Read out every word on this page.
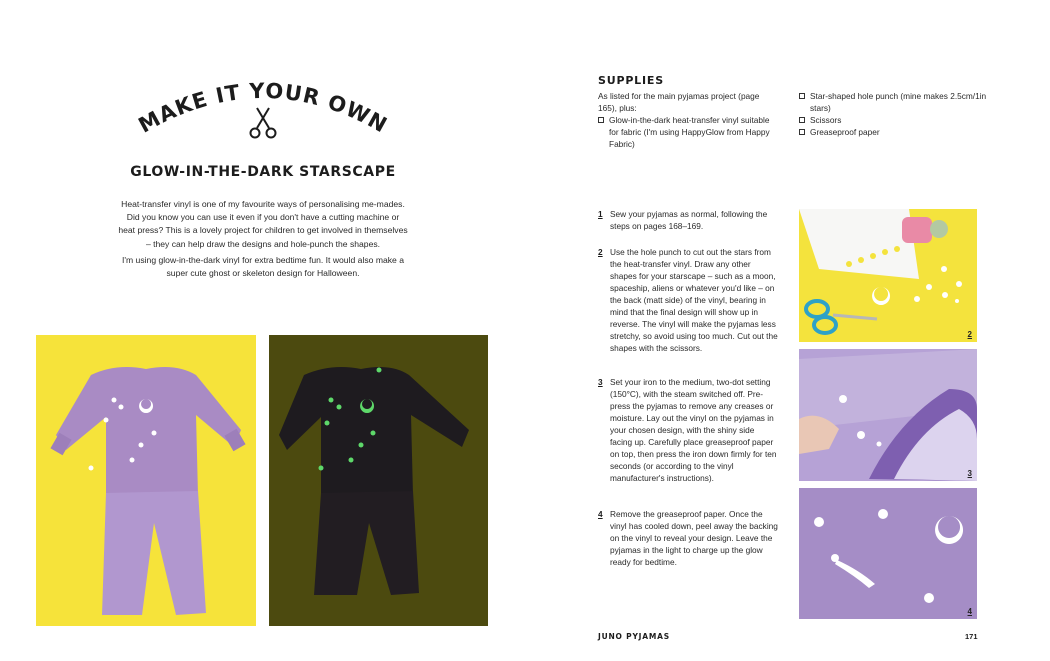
MAKE IT YOUR OWN
GLOW-IN-THE-DARK STARSCAPE

Heat-transfer vinyl is one of my favourite ways of personalising me-mades. Did you know you can use it even if you don't have a cutting machine or heat press? This is a lovely project for children to get involved in themselves – they can help draw the designs and hole-punch the shapes.

I'm using glow-in-the-dark vinyl for extra bedtime fun. It would also make a super cute ghost or skeleton design for Halloween.

SUPPLIES
As listed for the main pyjamas project (page 165), plus:
Glow-in-the-dark heat-transfer vinyl suitable for fabric (I'm using HappyGlow from Happy Fabric)
Star-shaped hole punch (mine makes 2.5cm/1in stars)
Scissors
Greaseproof paper
1 Sew your pyjamas as normal, following the steps on pages 168–169.
2 Use the hole punch to cut out the stars from the heat-transfer vinyl. Draw any other shapes for your starscape – such as a moon, spaceship, aliens or whatever you'd like – on the back (matt side) of the vinyl, bearing in mind that the final design will show up in reverse. The vinyl will make the pyjamas less stretchy, so avoid using too much. Cut out the shapes with the scissors.
3 Set your iron to the medium, two-dot setting (150°C), with the steam switched off. Pre-press the pyjamas to remove any creases or moisture. Lay out the vinyl on the pyjamas in your chosen design, with the shiny side facing up. Carefully place greaseproof paper on top, then press the iron down firmly for ten seconds (or according to the vinyl manufacturer's instructions).
4 Remove the greaseproof paper. Once the vinyl has cooled down, peel away the backing on the vinyl to reveal your design. Leave the pyjamas in the light to charge up the glow ready for bedtime.
2
3
4
JUNO PYJAMAS	171
